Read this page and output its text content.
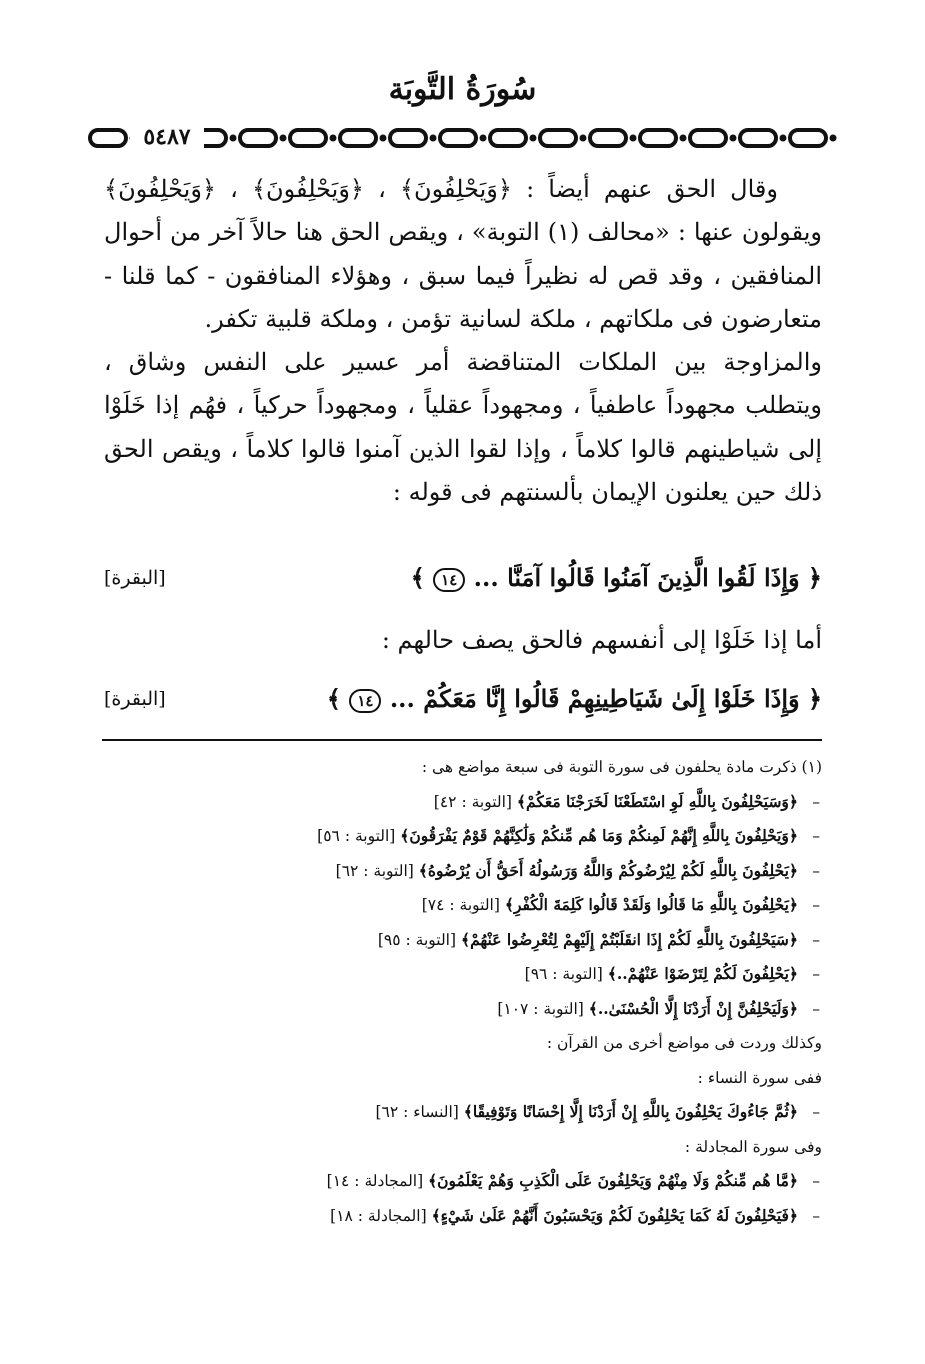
سُورَةُ التَّوبَة
٥٤٨٧

وقال الحق عنهم أيضاً : ﴿وَيَحْلِفُونَ﴾ ، ﴿وَيَحْلِفُونَ﴾ ، ﴿وَيَحْلِفُونَ﴾ ويقولون عنها : «محالف (١) التوبة» ، ويقص الحق هنا حالاً آخر من أحوال المنافقين ، وقد قص له نظيراً فيما سبق ، وهؤلاء المنافقون - كما قلنا - متعارضون فى ملكاتهم ، ملكة لسانية تؤمن ، وملكة قلبية تكفر.

والمزاوجة بين الملكات المتناقضة أمر عسير على النفس وشاق ، ويتطلب مجهوداً عاطفياً ، ومجهوداً عقلياً ، ومجهوداً حركياً ، فهُم إذا خَلَوْا إلى شياطينهم قالوا كلاماً ، وإذا لقوا الذين آمنوا قالوا كلاماً ، ويقص الحق ذلك حين يعلنون الإيمان بألسنتهم فى قوله :

﴿ وَإِذَا لَقُوا الَّذِينَ آمَنُوا قَالُوا آمَنَّا ... ١٤ ﴾
[البقرة]
أما إذا خَلَوْا إلى أنفسهم فالحق يصف حالهم :
﴿ وَإِذَا خَلَوْا إِلَىٰ شَيَاطِينِهِمْ قَالُوا إِنَّا مَعَكُمْ ... ١٤ ﴾
[البقرة]
(١) ذكرت مادة يحلفون فى سورة التوبة فى سبعة مواضع هى :
–﴿وَسَيَحْلِفُونَ بِاللَّهِ لَوِ اسْتَطَعْنَا لَخَرَجْنَا مَعَكُمْ﴾ [التوبة : ٤٢]
–﴿وَيَحْلِفُونَ بِاللَّهِ إِنَّهُمْ لَمِنكُمْ وَمَا هُم مِّنكُمْ وَلَٰكِنَّهُمْ قَوْمٌ يَفْرَقُونَ﴾ [التوبة : ٥٦]
–﴿يَحْلِفُونَ بِاللَّهِ لَكُمْ لِيُرْضُوكُمْ وَاللَّهُ وَرَسُولُهُ أَحَقُّ أَن يُرْضُوهُ﴾ [التوبة : ٦٢]
–﴿يَحْلِفُونَ بِاللَّهِ مَا قَالُوا وَلَقَدْ قَالُوا كَلِمَةَ الْكُفْرِ﴾ [التوبة : ٧٤]
–﴿سَيَحْلِفُونَ بِاللَّهِ لَكُمْ إِذَا انقَلَبْتُمْ إِلَيْهِمْ لِتُعْرِضُوا عَنْهُمْ﴾ [التوبة : ٩٥]
–﴿يَحْلِفُونَ لَكُمْ لِتَرْضَوْا عَنْهُمْ..﴾ [التوبة : ٩٦]
–﴿وَلَيَحْلِفُنَّ إِنْ أَرَدْنَا إِلَّا الْحُسْنَىٰ..﴾ [التوبة : ١٠٧]
وكذلك وردت فى مواضع أخرى من القرآن :
ففى سورة النساء :
–﴿ثُمَّ جَاءُوكَ يَحْلِفُونَ بِاللَّهِ إِنْ أَرَدْنَا إِلَّا إِحْسَانًا وَتَوْفِيقًا﴾ [النساء : ٦٢]
وفى سورة المجادلة :
–﴿مَّا هُم مِّنكُمْ وَلَا مِنْهُمْ وَيَحْلِفُونَ عَلَى الْكَذِبِ وَهُمْ يَعْلَمُونَ﴾ [المجادلة : ١٤]
–﴿فَيَحْلِفُونَ لَهُ كَمَا يَحْلِفُونَ لَكُمْ وَيَحْسَبُونَ أَنَّهُمْ عَلَىٰ شَيْءٍ﴾ [المجادلة : ١٨]
